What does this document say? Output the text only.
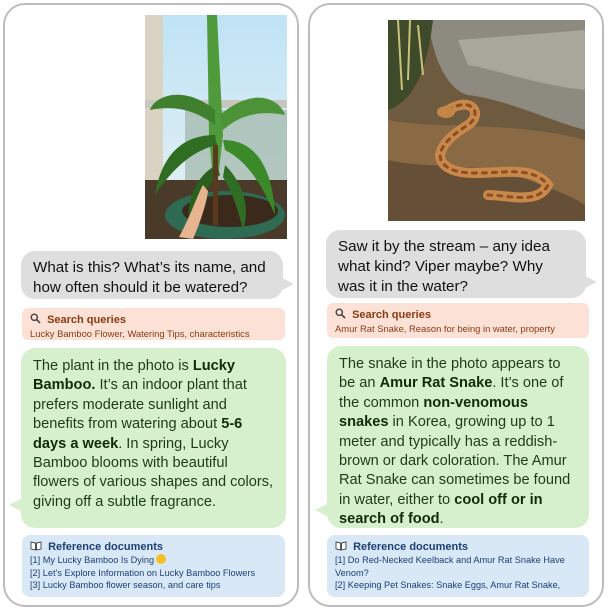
What is this? What’s its name, and how often should it be watered?
Search queries
Lucky Bamboo Flower, Watering Tips, characteristics
The plant in the photo is Lucky Bamboo. It’s an indoor plant that prefers moderate sunlight and benefits from watering about 5-6 days a week. In spring, Lucky Bamboo blooms with beautiful flowers of various shapes and colors, giving off a subtle fragrance.
Reference documents
[1] My Lucky Bamboo Is Dying
[2] Let’s Explore Information on Lucky Bamboo Flowers
[3] Lucky Bamboo flower season, and care tips
Saw it by the stream – any idea what kind? Viper maybe? Why was it in the water?
Search queries
Amur Rat Snake, Reason for being in water, property
The snake in the photo appears to be an Amur Rat Snake. It’s one of the common non-venomous snakes in Korea, growing up to 1 meter and typically has a reddish-brown or dark coloration. The Amur Rat Snake can sometimes be found in water, either to cool off or in search of food.
Reference documents
[1] Do Red-Necked Keelback and Amur Rat Snake Have Venom?
[2] Keeping Pet Snakes: Snake Eggs, Amur Rat Snake,
